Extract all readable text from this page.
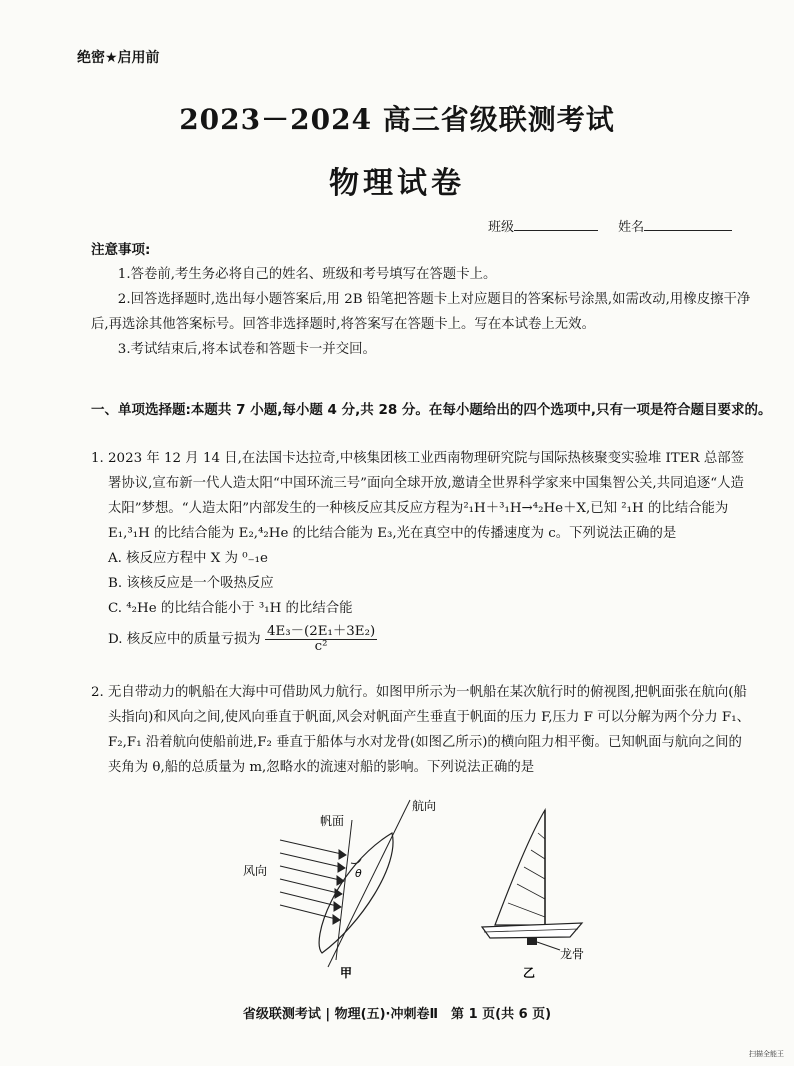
绝密★启用前
2023－2024 高三省级联测考试
物理试卷
班级	姓名
注意事项:
1.答卷前,考生务必将自己的姓名、班级和考号填写在答题卡上。
2.回答选择题时,选出每小题答案后,用 2B 铅笔把答题卡上对应题目的答案标号涂黑,如需改动,用橡皮擦干净后,再选涂其他答案标号。回答非选择题时,将答案写在答题卡上。写在本试卷上无效。
3.考试结束后,将本试卷和答题卡一并交回。
一、单项选择题:本题共 7 小题,每小题 4 分,共 28 分。在每小题给出的四个选项中,只有一项是符合题目要求的。
1. 2023 年 12 月 14 日,在法国卡达拉奇,中核集团核工业西南物理研究院与国际热核聚变实验堆 ITER 总部签署协议,宣布新一代人造太阳“中国环流三号”面向全球开放,邀请全世界科学家来中国集智公关,共同追逐“人造太阳”梦想。“人造太阳”内部发生的一种核反应其反应方程为²₁H＋³₁H→⁴₂He＋X,已知 ²₁H 的比结合能为 E₁,³₁H 的比结合能为 E₂,⁴₂He 的比结合能为 E₃,光在真空中的传播速度为 c。下列说法正确的是
A. 核反应方程中 X 为 ⁰₋₁e
B. 该核反应是一个吸热反应
C. ⁴₂He 的比结合能小于 ³₁H 的比结合能
D. 核反应中的质量亏损为 $\frac{\text{4E₃－(2E₁＋3E₂)}}{\text{c²}}$
2. 无自带动力的帆船在大海中可借助风力航行。如图甲所示为一帆船在某次航行时的俯视图,把帆面张在航向(船头指向)和风向之间,使风向垂直于帆面,风会对帆面产生垂直于帆面的压力 F,压力 F 可以分解为两个分力 F₁、F₂,F₁ 沿着航向使船前进,F₂ 垂直于船体与水对龙骨(如图乙所示)的横向阻力相平衡。已知帆面与航向之间的夹角为 θ,船的总质量为 m,忽略水的流速对船的影响。下列说法正确的是
θ
帆面
航向
风向
甲
龙骨
乙
省级联测考试 | 物理(五)·冲刺卷Ⅱ　第 1 页(共 6 页)
扫描全能王
